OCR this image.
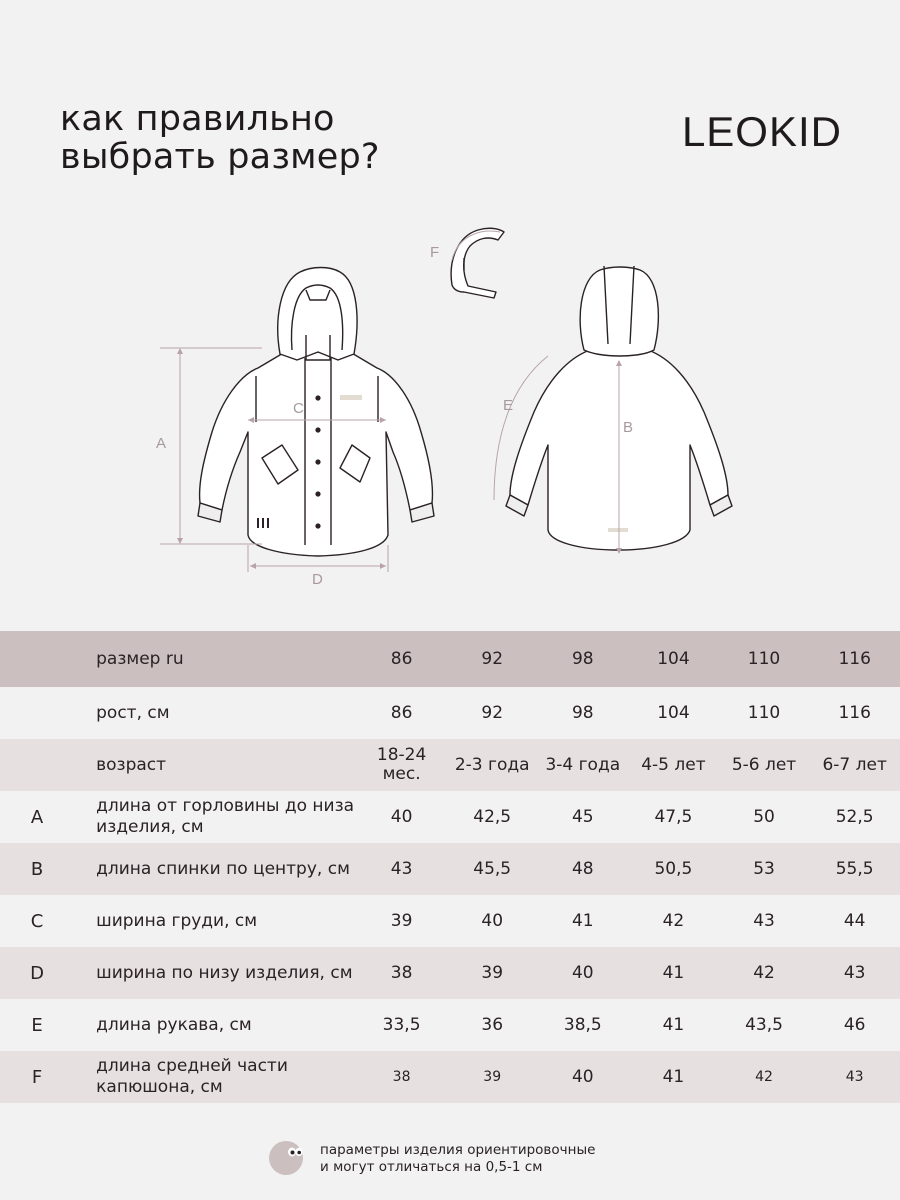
как правильно
выбрать размер?
LEOKID
A
C
D
B
E
F
	размер ru	86	92	98	104	110	116
	рост, см	86	92	98	104	110	116
	возраст	18-24 мес.	2-3 года	3-4 года	4-5 лет	5-6 лет	6-7 лет
A	длина от горловины до низа изделия, см	40	42,5	45	47,5	50	52,5
B	длина спинки по центру, см	43	45,5	48	50,5	53	55,5
C	ширина груди, см	39	40	41	42	43	44
D	ширина по низу изделия, см	38	39	40	41	42	43
E	длина рукава, см	33,5	36	38,5	41	43,5	46
F	длина средней части капюшона, см	38	39	40	41	42	43
параметры изделия ориентировочные
и могут отличаться на 0,5-1 см
